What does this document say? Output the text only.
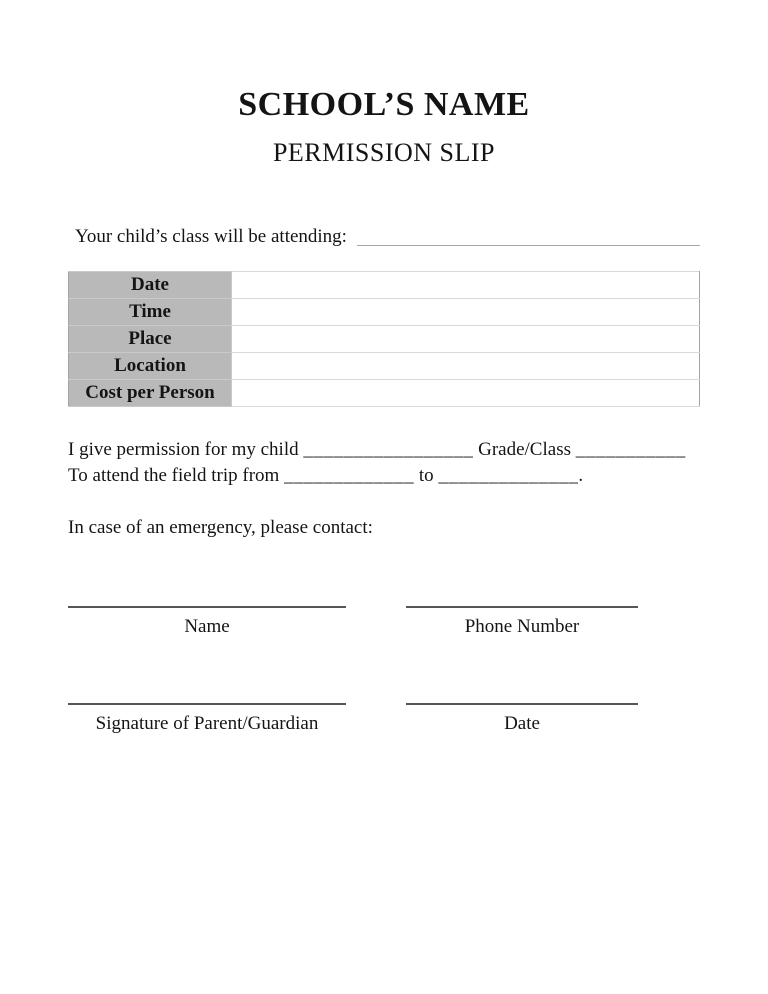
SCHOOL’S NAME
PERMISSION SLIP
Your child’s class will be attending:
Date	
Time	
Place	
Location	
Cost per Person	

I give permission for my child _________________ Grade/Class ___________
To attend the field trip from _____________ to ______________.

In case of an emergency, please contact:

Name	Phone Number
Signature of Parent/Guardian	Date
